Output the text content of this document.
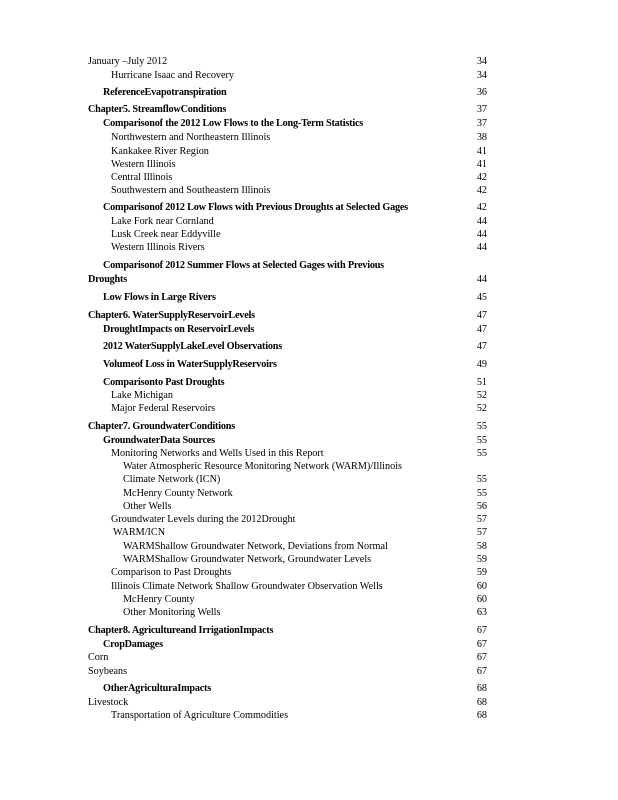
January –July 2012	34
Hurricane Isaac and Recovery	34
ReferenceEvapotranspiration	36
Chapter5. StreamflowConditions	37
Comparisonof the 2012 Low Flows to the Long-Term Statistics	37
Northwestern and Northeastern Illinois	38
Kankakee River Region	41
Western Illinois	41
Central Illinois	42
Southwestern and Southeastern Illinois	42
Comparisonof 2012 Low Flows with Previous Droughts at Selected Gages	42
Lake Fork near Cornland	44
Lusk Creek near Eddyville	44
Western Illinois Rivers	44
Comparisonof 2012 Summer Flows at Selected Gages with Previous
Droughts	44
Low Flows in Large Rivers	45
Chapter6. WaterSupplyReservoirLevels	47
DroughtImpacts on ReservoirLevels	47
2012 WaterSupplyLakeLevel Observations	47
Volumeof Loss in WaterSupplyReservoirs	49
Comparisonto Past Droughts	51
Lake Michigan	52
Major Federal Reservoirs	52
Chapter7. GroundwaterConditions	55
GroundwaterData Sources	55
Monitoring Networks and Wells Used in this Report	55
Water Atmospheric Resource Monitoring Network (WARM)/Illinois
Climate Network (ICN)	55
McHenry County Network	55
Other Wells	56
Groundwater Levels during the 2012Drought	57
WARM/ICN	57
WARMShallow Groundwater Network, Deviations from Normal	58
WARMShallow Groundwater Network, Groundwater Levels	59
Comparison to Past Droughts	59
Illinois Climate Network Shallow Groundwater Observation Wells	60
McHenry County	60
Other Monitoring Wells	63
Chapter8. Agricultureand IrrigationImpacts	67
CropDamages	67
Corn	67
Soybeans	67
OtherAgriculturaImpacts	68
Livestock	68
Transportation of Agriculture Commodities	68
